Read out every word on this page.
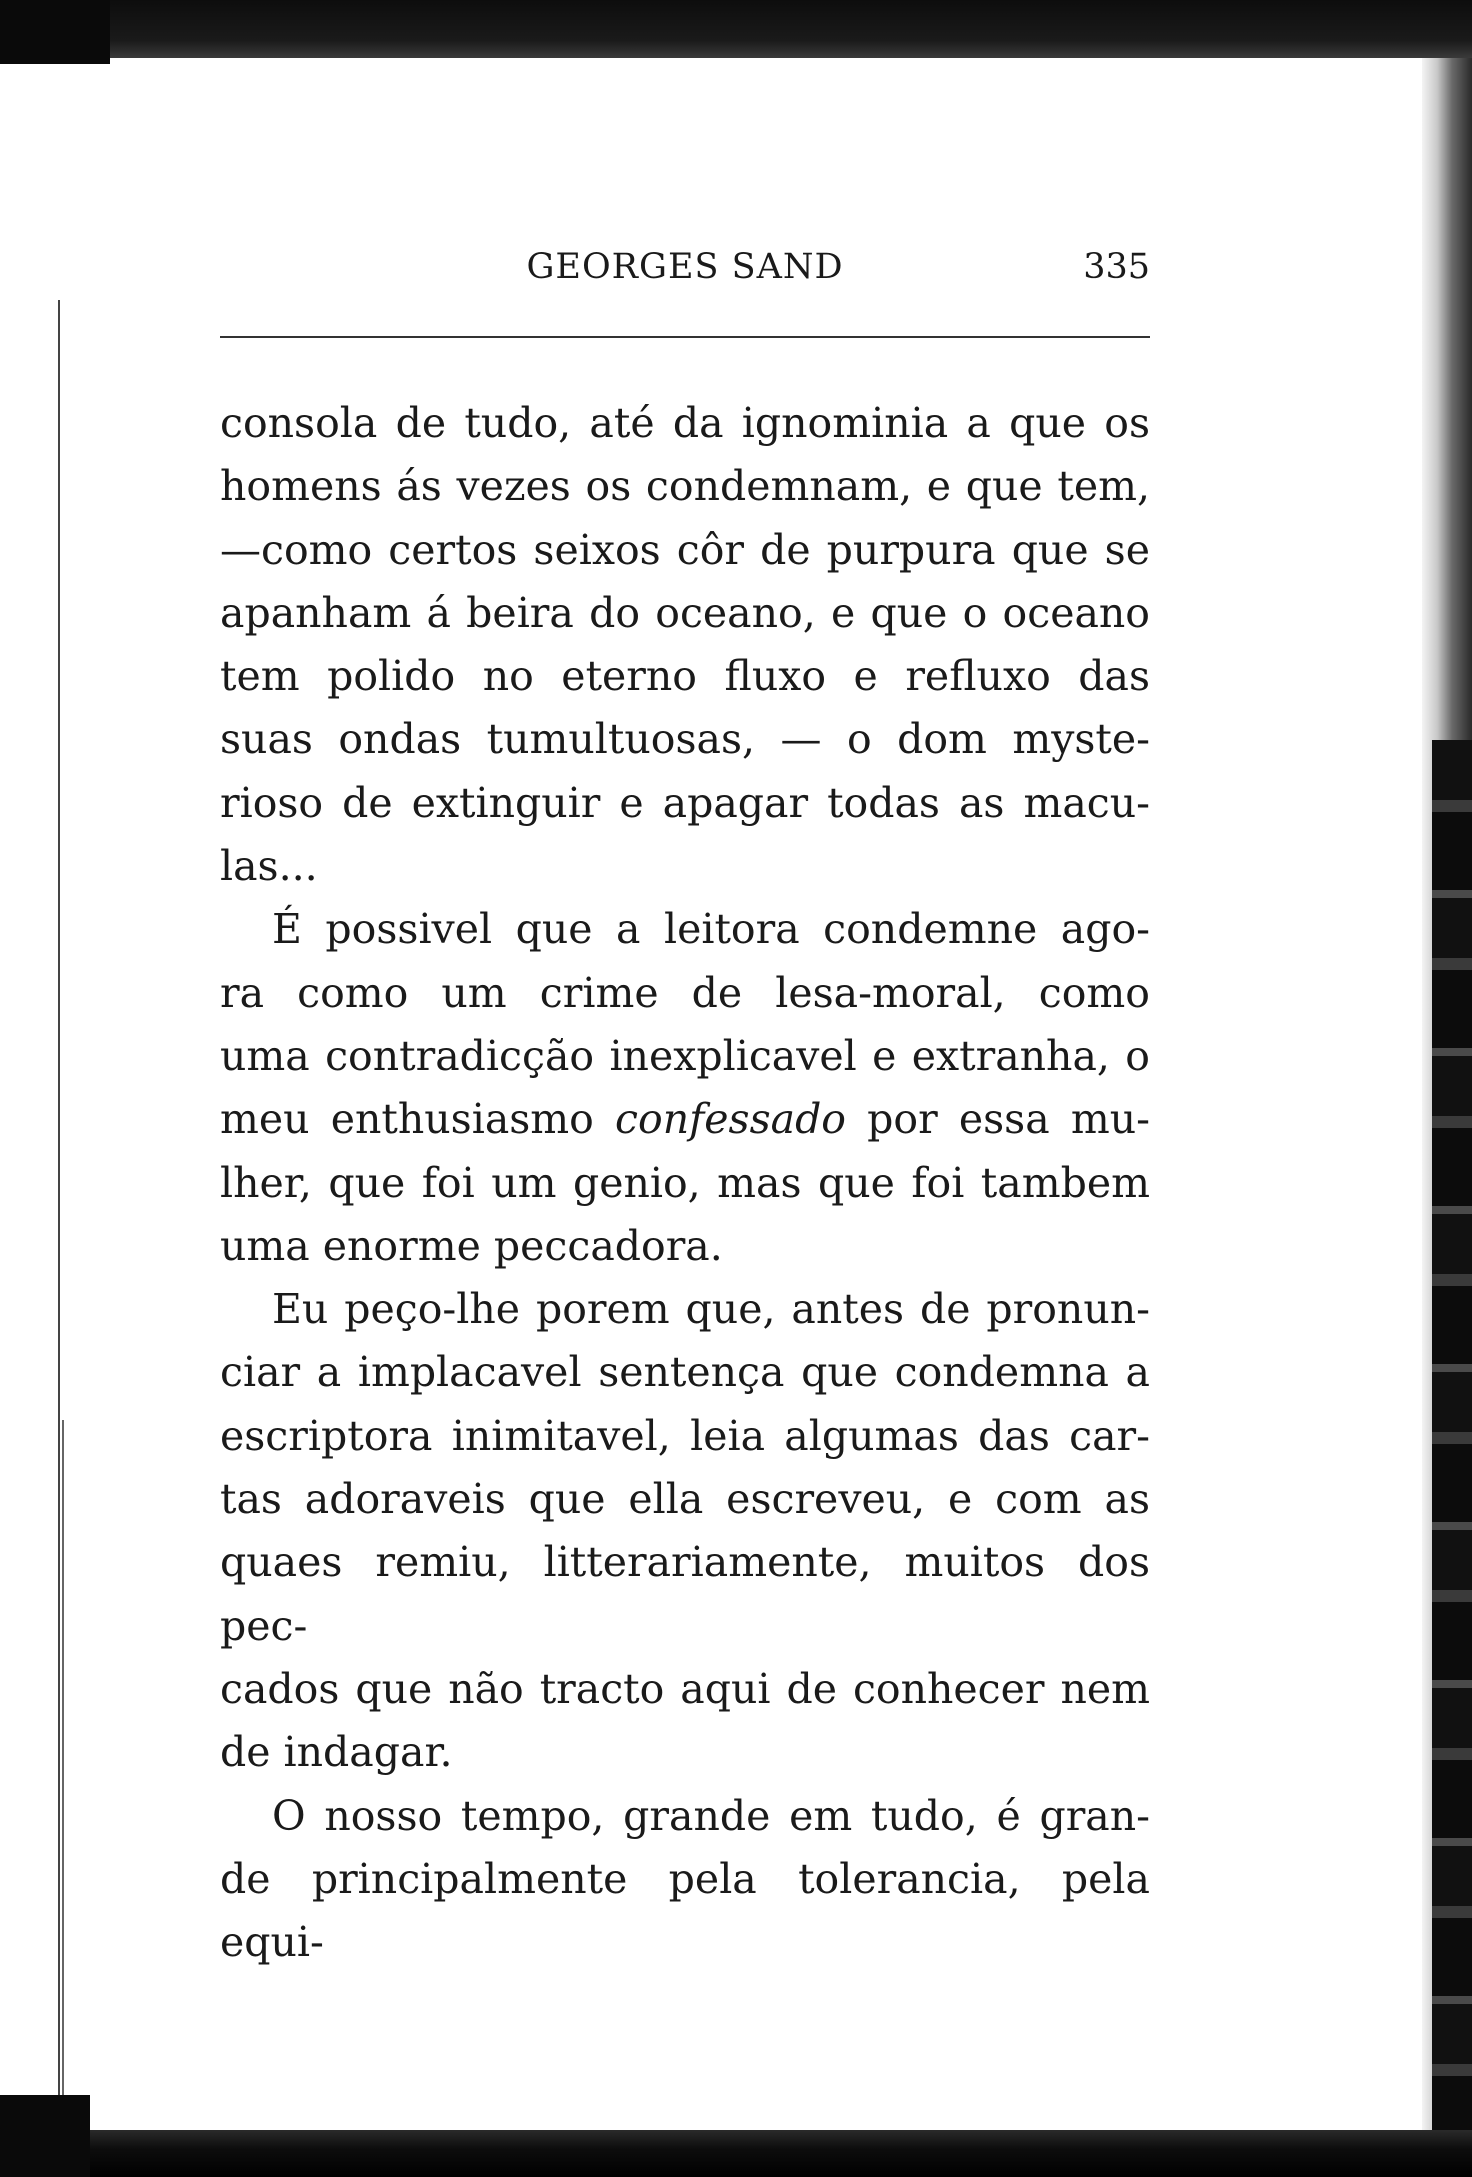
GEORGES SAND	335

consola de tudo, até da ignominia a que os

homens ás vezes os condemnam, e que tem,

—como certos seixos côr de purpura que se

apanham á beira do oceano, e que o oceano

tem polido no eterno fluxo e refluxo das

suas ondas tumultuosas, — o dom myste-

rioso de extinguir e apagar todas as macu-

las...

É possivel que a leitora condemne ago-

ra como um crime de lesa-moral, como

uma contradicção inexplicavel e extranha, o

meu enthusiasmo confessado por essa mu-

lher, que foi um genio, mas que foi tambem

uma enorme peccadora.

Eu peço-lhe porem que, antes de pronun-

ciar a implacavel sentença que condemna a

escriptora inimitavel, leia algumas das car-

tas adoraveis que ella escreveu, e com as

quaes remiu, litterariamente, muitos dos pec-

cados que não tracto aqui de conhecer nem

de indagar.

O nosso tempo, grande em tudo, é gran-

de principalmente pela tolerancia, pela equi-
